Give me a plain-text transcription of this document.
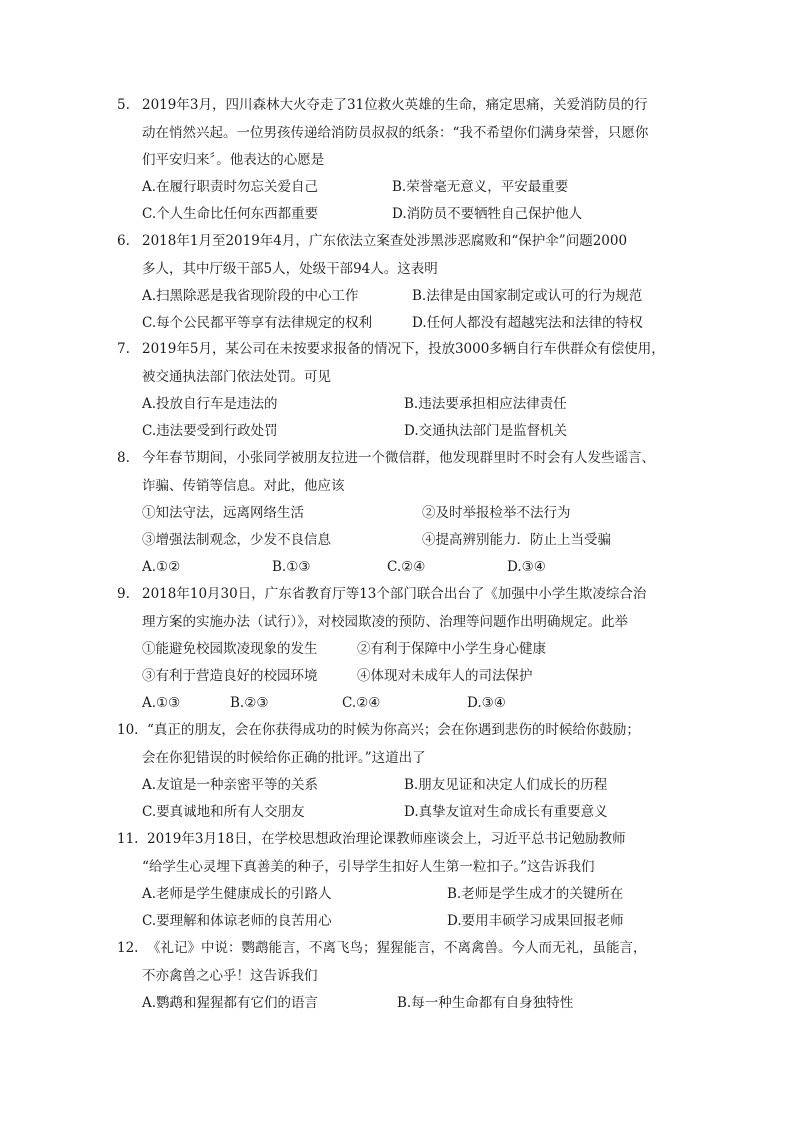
5. 2019年3月，四川森林大火夺走了31位救火英雄的生命，痛定思痛，关爱消防员的行
动在悄然兴起。一位男孩传递给消防员叔叔的纸条：“我不希望你们满身荣誉，只愿你
们平安归来〞。他表达的心愿是
A.在履行职责时勿忘关爱自己	B.荣誉毫无意义，平安最重要
C.个人生命比任何东西都重要	D.消防员不要牺牲自己保护他人
6. 2018年1月至2019年4月，广东依法立案查处涉黑涉恶腐败和“保护伞”问题2000
多人，其中厅级干部5人，处级干部94人。这表明
A.扫黑除恶是我省现阶段的中心工作	B.法律是由国家制定或认可的行为规范
C.每个公民都平等享有法律规定的权利	D.任何人都没有超越宪法和法律的特权
7. 2019年5月，某公司在未按要求报备的情况下，投放3000多辆自行车供群众有偿使用，
被交通执法部门依法处罚。可见
A.投放自行车是违法的	B.违法要承担相应法律责任
C.违法要受到行政处罚	D.交通执法部门是监督机关
8. 今年春节期间，小张同学被朋友拉进一个微信群，他发现群里时不时会有人发些谣言、
诈骗、传销等信息。对此，他应该
①知法守法，远离网络生活	②及时举报检举不法行为
③增强法制观念，少发不良信息	④提高辨别能力．防止上当受骗
A.①②	B.①③	C.②④	D.③④
9. 2018年10月30日，广东省教育厅等13个部门联合出台了《加强中小学生欺凌综合治
理方案的实施办法（试行）》，对校园欺凌的预防、治理等问题作出明确规定。此举
①能避免校园欺凌现象的发生	②有利于保障中小学生身心健康
③有利于营造良好的校园环境	④体现对未成年人的司法保护
A.①③	B.②③	C.②④	D.③④
10. “真正的朋友，会在你获得成功的时候为你高兴；会在你遇到悲伤的时候给你鼓励；
会在你犯错误的时候给你正确的批评。”这道出了
A.友谊是一种亲密平等的关系	B.朋友见证和决定人们成长的历程
C.要真诚地和所有人交朋友	D.真挚友谊对生命成长有重要意义
11. 2019年3月18日，在学校思想政治理论课教师座谈会上，习近平总书记勉励教师
“给学生心灵埋下真善美的种子，引导学生扣好人生第一粒扣子。”这告诉我们
A.老师是学生健康成长的引路人	B.老师是学生成才的关键所在
C.要理解和体谅老师的良苦用心	D.要用丰硕学习成果回报老师
12. 《礼记》中说：鹦鹉能言，不离飞鸟；猩猩能言，不离禽兽。今人而无礼，虽能言，
不亦禽兽之心乎！这告诉我们
A.鹦鹉和猩猩都有它们的语言	B.每一种生命都有自身独特性
